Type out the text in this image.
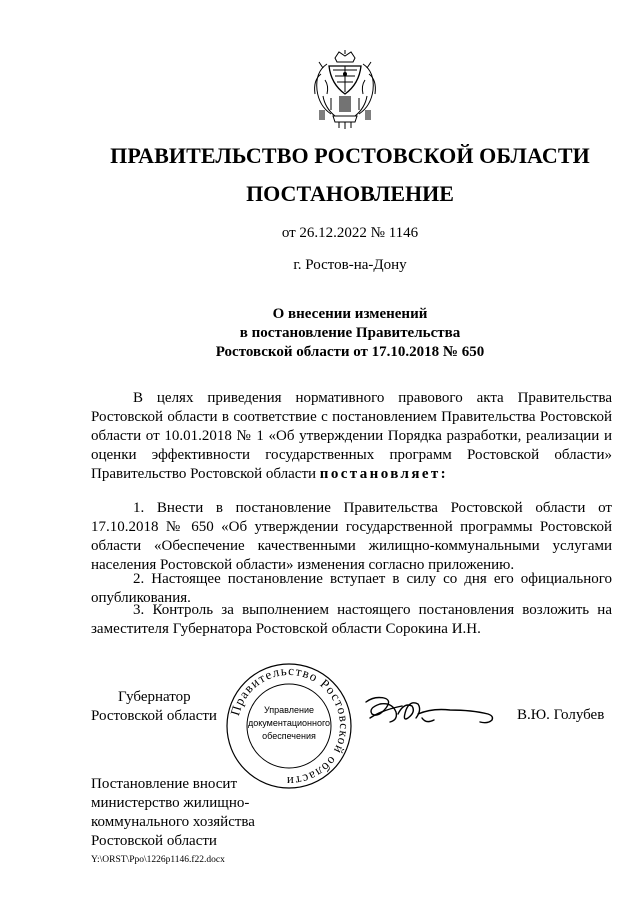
ПРАВИТЕЛЬСТВО РОСТОВСКОЙ ОБЛАСТИ
ПОСТАНОВЛЕНИЕ
от 26.12.2022 № 1146
г. Ростов-на-Дону
О внесении изменений
в постановление Правительства
Ростовской области от 17.10.2018 № 650
В целях приведения нормативного правового акта Правительства Ростовской области в соответствие с постановлением Правительства Ростовской области от 10.01.2018 № 1 «Об утверждении Порядка разработки, реализации и оценки эффективности государственных программ Ростовской области» Правительство Ростовской области постановляет:
1. Внести в постановление Правительства Ростовской области от 17.10.2018 № 650 «Об утверждении государственной программы Ростовской области «Обеспечение качественными жилищно-коммунальными услугами населения Ростовской области» изменения согласно приложению.
2. Настоящее постановление вступает в силу со дня его официального опубликования.
3. Контроль за выполнением настоящего постановления возложить на заместителя Губернатора Ростовской области Сорокина И.Н.
Губернатор
Ростовской области Правительство Ростовской области
Управление
документационного
обеспечения
В.Ю. Голубев
Постановление вносит
министерство жилищно-
коммунального хозяйства
Ростовской области
Y:\ORST\Ppo\1226p1146.f22.docx
